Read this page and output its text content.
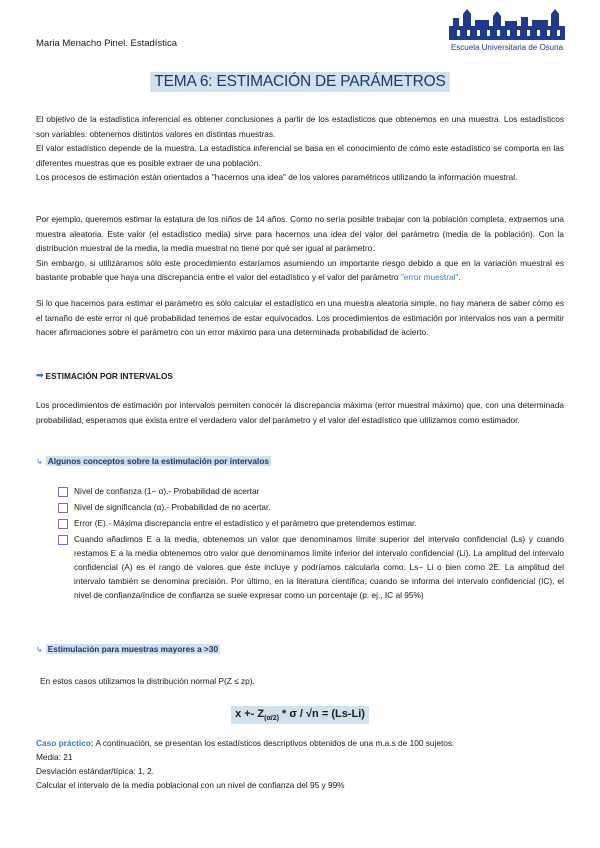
Maria Menacho Pinel. Estadística	Escuela Universitaria de Osuna
TEMA 6: ESTIMACIÓN DE PARÁMETROS

El objetivo de la estadística inferencial es obtener conclusiones a partir de los estadísticos que obtenemos en una muestra. Los estadísticos son variables: obtenemos distintos valores en distintas muestras.

El valor estadístico depende de la muestra. La estadística inferencial se basa en el conocimiento de cómo este estadístico se comporta en las diferentes muestras que es posible extraer de una población.

Los procesos de estimación están orientados a "hacernos una idea" de los valores paramétricos utilizando la información muestral.

Por ejemplo, queremos estimar la estatura de los niños de 14 años. Como no sería posible trabajar con la población completa, extraemos una muestra aleatoria. Este valor (el estadístico media) sirve para hacernos una idea del valor del parámetro (media de la población). Con la distribución muestral de la media, la media muestral no tiene por qué ser igual al parámetro.

Sin embargo, si utilizáramos sólo este procedimiento estaríamos asumiendo un importante riesgo debido a que en la variación muestral es bastante probable que haya una discrepancia entre el valor del estadístico y el valor del parámetro "error muestral".

Si lo que hacemos para estimar el parámetro es sólo calcular el estadístico en una muestra aleatoria simple, no hay manera de saber cómo es el tamaño de este error ni qué probabilidad tenemos de estar equivocados. Los procedimientos de estimación por intervalos nos van a permitir hacer afirmaciones sobre el parámetro con un error máximo para una determinada probabilidad de acierto.

➡ ESTIMACIÓN POR INTERVALOS

Los procedimientos de estimación por intervalos permiten conocer la discrepancia máxima (error muestral máximo) que, con una determinada probabilidad, esperamos que exista entre el verdadero valor del parámetro y el valor del estadístico que utilizamos como estimador.

↳ Algunos conceptos sobre la estimulación por intervalos
Nivel de confianza (1− α).- Probabilidad de acertar
Nivel de significancia (α).- Probabilidad de no acertar.
Error (E).- Máxima discrepancia entre el estadístico y el parámetro que pretendemos estimar.
Cuando añadimos E a la media, obtenemos un valor que denominamos límite superior del intervalo confidencial (Ls) y cuando restamos E a la media obtenemos otro valor que denominamos límite inferior del intervalo confidencial (Li). La amplitud del intervalo confidencial (A) es el rango de valores que éste incluye y podríamos calcularla como: Ls− Li o bien como 2E. La amplitud del intervalo también se denomina precisión. Por último, en la literatura científica, cuando se informa del intervalo confidencial (IC), el nivel de confianza/índice de confianza se suele expresar como un porcentaje (p. ej., IC al 95%)
↳ Estimulación para muestras mayores a >30
En estos casos utilizamos la distribución normal P(Z ≤ zp).
$x +- Z_{(\alpha/2)} * \sigma / √n = (Ls-Li)$
Caso práctico: A continuación, se presentan los estadísticos descriptivos obtenidos de una m.a.s de 100 sujetos.
Media: 21
Desviación estándar/típica: 1, 2.
Calcular el intervalo de la media poblacional con un nivel de confianza del 95 y 99%
